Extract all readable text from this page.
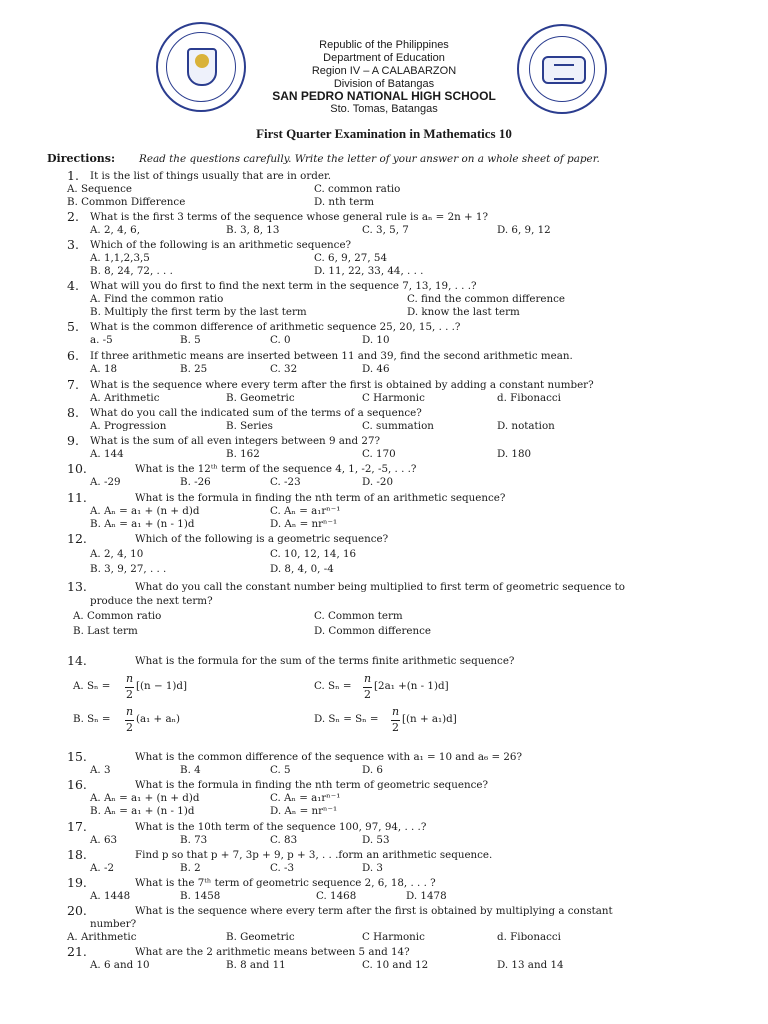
Republic of the Philippines
Department of Education
Region IV – A CALABARZON
Division of Batangas
SAN PEDRO NATIONAL HIGH SCHOOL
Sto. Tomas, Batangas
First Quarter Examination in Mathematics 10
Directions: Read the questions carefully. Write the letter of your answer on a whole sheet of paper.
1. It is the list of things usually that are in order.
A. Sequence	C. common ratio
B. Common Difference	D. nth term
2. What is the first 3 terms of the sequence whose general rule is aₙ = 2n + 1?
A. 2, 4, 6,	B. 3, 8, 13	C. 3, 5, 7	D. 6, 9, 12
3. Which of the following is an arithmetic sequence?
A. 1,1,2,3,5	C. 6, 9, 27, 54
B. 8, 24, 72, . . .	D. 11, 22, 33, 44, . . .
4. What will you do first to find the next term in the sequence 7, 13, 19, . . .?
A. Find the common ratio	C. find the common difference
B. Multiply the first term by the last term	D. know the last term
5. What is the common difference of arithmetic sequence 25, 20, 15, . . .?
a. -5	B. 5	C. 0	D. 10
6. If three arithmetic means are inserted between 11 and 39, find the second arithmetic mean.
A. 18	B. 25	C. 32	D. 46
7. What is the sequence where every term after the first is obtained by adding a constant number?
A. Arithmetic	B. Geometric	C Harmonic	d. Fibonacci
8. What do you call the indicated sum of the terms of a sequence?
A. Progression	B. Series	C. summation	D. notation
9. What is the sum of all even integers between 9 and 27?
A. 144	B. 162	C. 170	D. 180
10.	What is the 12ᵗʰ term of the sequence 4, 1, -2, -5, . . .?
A. -29	B. -26	C. -23	D. -20
11.	What is the formula in finding the nth term of an arithmetic sequence?
A. Aₙ = a₁ + (n + d)d	C. Aₙ = a₁rⁿ⁻¹
B. Aₙ = a₁ + (n - 1)d	D. Aₙ = nrⁿ⁻¹
12.	Which of the following is a geometric sequence?
A. 2, 4, 10	C. 10, 12, 14, 16
B. 3, 9, 27, . . .	D. 8, 4, 0, -4
13.	What do you call the constant number being multiplied to first term of geometric sequence to
produce the next term?
A. Common ratio	C. Common term
B. Last term	D. Common difference
14.	What is the formula for the sum of the terms finite arithmetic sequence?
A. Sₙ =
n
2
[(n − 1)d]	C. Sₙ =
n
2
[2a₁ +(n - 1)d]
B. Sₙ =
n
2
(a₁ + aₙ)	D. Sₙ = Sₙ =
n
2
[(n + a₁)d]
15.	What is the common difference of the sequence with a₁ = 10 and a₆ = 26?
A. 3	B. 4	C. 5	D. 6
16.	What is the formula in finding the nth term of geometric sequence?
A. Aₙ = a₁ + (n + d)d	C. Aₙ = a₁rⁿ⁻¹
B. Aₙ = a₁ + (n - 1)d	D. Aₙ = nrⁿ⁻¹
17.	What is the 10th term of the sequence 100, 97, 94, . . .?
A. 63	B. 73	C. 83	D. 53
18.	Find p so that p + 7, 3p + 9, p + 3, . . .form an arithmetic sequence.
A. -2	B. 2	C. -3	D. 3
19.	What is the 7ᵗʰ term of geometric sequence 2, 6, 18, . . . ?
A. 1448	B. 1458	C. 1468	D. 1478
20.	What is the sequence where every term after the first is obtained by multiplying a constant
number?
A. Arithmetic	B. Geometric	C Harmonic	d. Fibonacci
21.	What are the 2 arithmetic means between 5 and 14?
A. 6 and 10	B. 8 and 11	C. 10 and 12	D. 13 and 14
